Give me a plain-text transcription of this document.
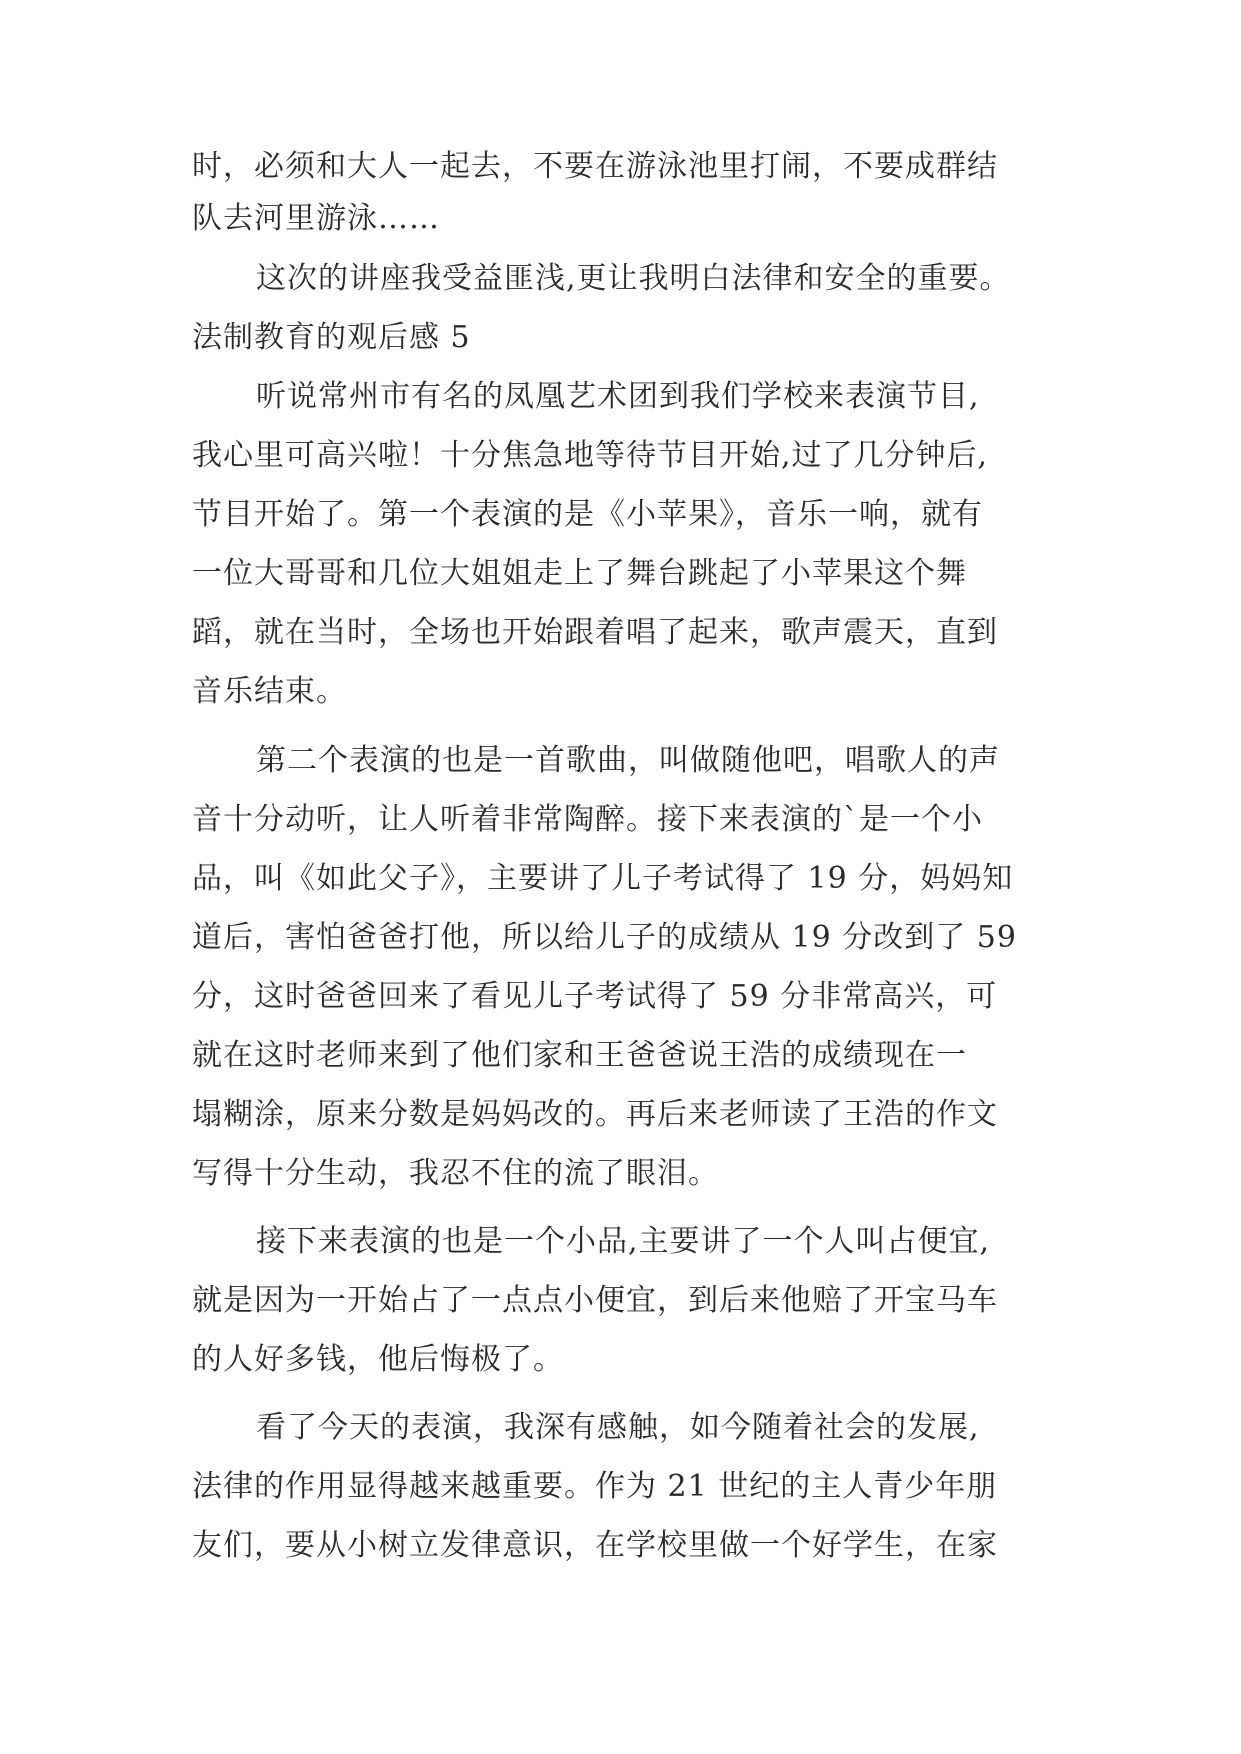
时，必须和大人一起去，不要在游泳池里打闹，不要成群结
队去河里游泳……
这次的讲座我受益匪浅,更让我明白法律和安全的重要。
法制教育的观后感 5
听说常州市有名的凤凰艺术团到我们学校来表演节目,
我心里可高兴啦！十分焦急地等待节目开始,过了几分钟后,
节目开始了。第一个表演的是《小苹果》，音乐一响，就有
一位大哥哥和几位大姐姐走上了舞台跳起了小苹果这个舞
蹈，就在当时，全场也开始跟着唱了起来，歌声震天，直到
音乐结束。
第二个表演的也是一首歌曲，叫做随他吧，唱歌人的声
音十分动听，让人听着非常陶醉。接下来表演的`是一个小
品，叫《如此父子》，主要讲了儿子考试得了 19 分，妈妈知
道后，害怕爸爸打他，所以给儿子的成绩从 19 分改到了 59
分，这时爸爸回来了看见儿子考试得了 59 分非常高兴，可
就在这时老师来到了他们家和王爸爸说王浩的成绩现在一
塌糊涂，原来分数是妈妈改的。再后来老师读了王浩的作文
写得十分生动，我忍不住的流了眼泪。
接下来表演的也是一个小品,主要讲了一个人叫占便宜,
就是因为一开始占了一点点小便宜，到后来他赔了开宝马车
的人好多钱，他后悔极了。
看了今天的表演，我深有感触，如今随着社会的发展,
法律的作用显得越来越重要。作为 21 世纪的主人青少年朋
友们，要从小树立发律意识，在学校里做一个好学生，在家
